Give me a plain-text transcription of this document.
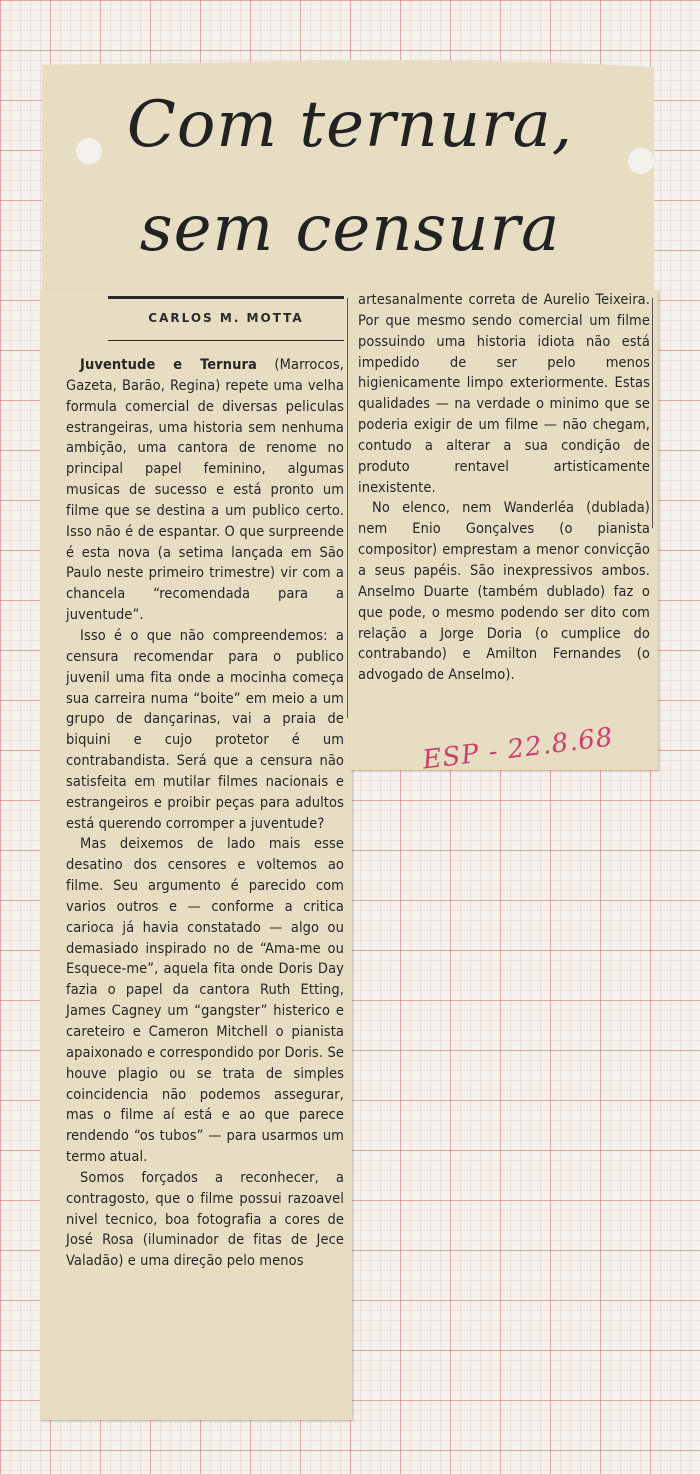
Com ternura,
sem censura
CARLOS M. MOTTA

Juventude e Ternura (Marrocos, Gazeta, Barão, Regina) repete uma velha formula comercial de diversas peliculas estrangeiras, uma historia sem nenhuma ambição, uma cantora de renome no principal papel feminino, algumas musicas de sucesso e está pronto um filme que se destina a um publico certo. Isso não é de espantar. O que surpreende é esta nova (a setima lançada em São Paulo neste primeiro trimestre) vir com a chancela “recomendada para a juventude”.

Isso é o que não compreendemos: a censura recomendar para o publico juvenil uma fita onde a mocinha começa sua carreira numa “boite” em meio a um grupo de dançarinas, vai a praia de biquini e cujo protetor é um contrabandista. Será que a censura não satisfeita em mutilar filmes nacionais e estrangeiros e proibir peças para adultos está querendo corromper a juventude?

Mas deixemos de lado mais esse desatino dos censores e voltemos ao filme. Seu argumento é parecido com varios outros e — conforme a critica carioca já havia constatado — algo ou demasiado inspirado no de “Ama-me ou Esquece-me”, aquela fita onde Doris Day fazia o papel da cantora Ruth Etting, James Cagney um “gangster” histerico e careteiro e Cameron Mitchell o pianista apaixonado e correspondido por Doris. Se houve plagio ou se trata de simples coincidencia não podemos assegurar, mas o filme aí está e ao que parece rendendo “os tubos” — para usarmos um termo atual.

Somos forçados a reconhecer, a contragosto, que o filme possui razoavel nivel tecnico, boa fotografia a cores de José Rosa (iluminador de fitas de Jece Valadão) e uma direção pelo menos

artesanalmente correta de Aurelio Teixeira. Por que mesmo sendo comercial um filme possuindo uma historia idiota não está impedido de ser pelo menos higienicamente limpo exteriormente. Estas qualidades — na verdade o minimo que se poderia exigir de um filme — não chegam, contudo a alterar a sua condição de produto rentavel artisticamente inexistente.

No elenco, nem Wanderléa (dublada) nem Enio Gonçalves (o pianista compositor) emprestam a menor convicção a seus papéis. São inexpressivos ambos. Anselmo Duarte (também dublado) faz o que pode, o mesmo podendo ser dito com relação a Jorge Doria (o cumplice do contrabando) e Amilton Fernandes (o advogado de Anselmo).

ESP - 22.8.68
